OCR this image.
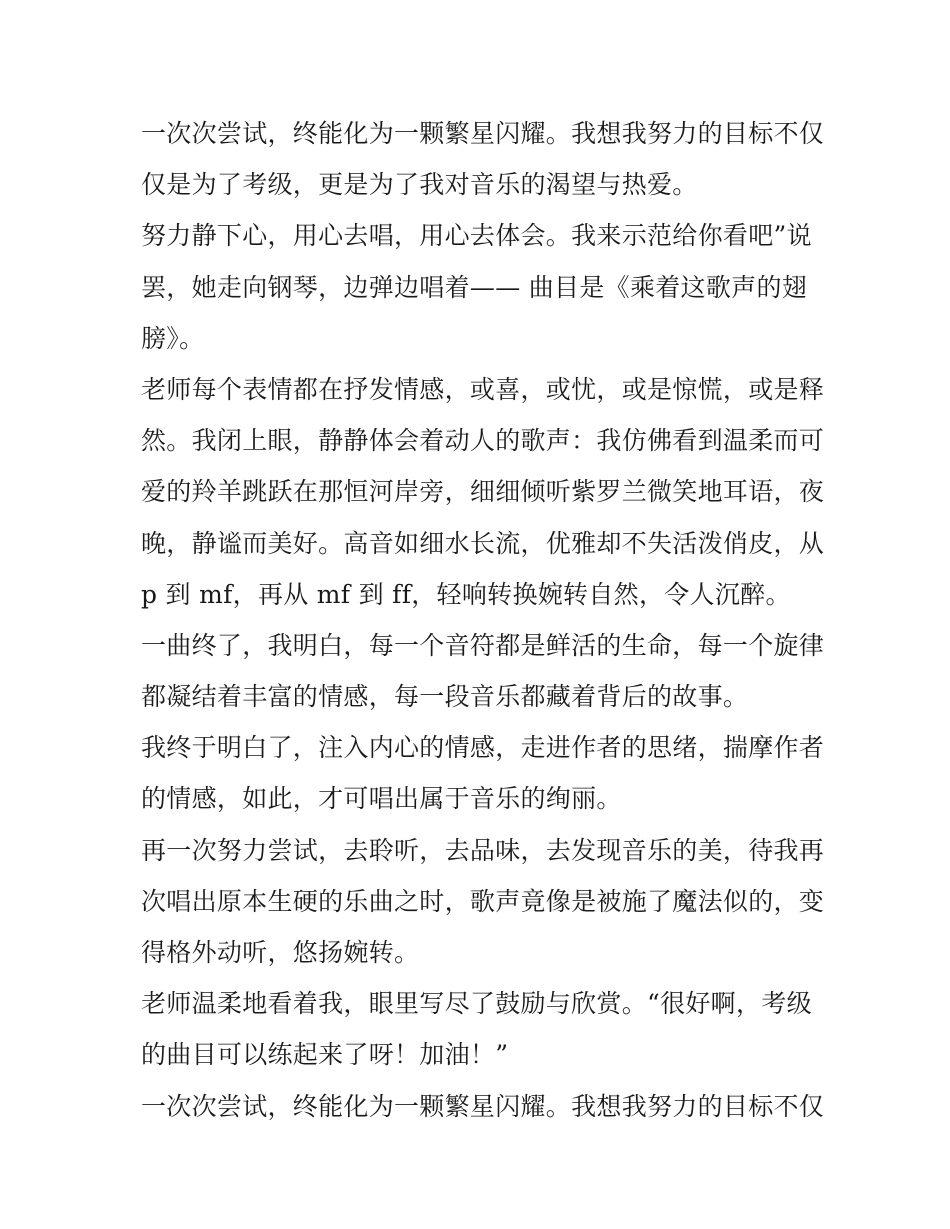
一次次尝试，终能化为一颗繁星闪耀。我想我努力的目标不仅
仅是为了考级，更是为了我对音乐的渴望与热爱。
努力静下心，用心去唱，用心去体会。我来示范给你看吧”说
罢，她走向钢琴，边弹边唱着—— 曲目是《乘着这歌声的翅
膀》。
老师每个表情都在抒发情感，或喜，或忧，或是惊慌，或是释
然。我闭上眼，静静体会着动人的歌声：我仿佛看到温柔而可
爱的羚羊跳跃在那恒河岸旁，细细倾听紫罗兰微笑地耳语，夜
晚，静谧而美好。高音如细水长流，优雅却不失活泼俏皮，从
p 到 mf，再从 mf 到 ff，轻响转换婉转自然，令人沉醉。
一曲终了，我明白，每一个音符都是鲜活的生命，每一个旋律
都凝结着丰富的情感，每一段音乐都藏着背后的故事。
我终于明白了，注入内心的情感，走进作者的思绪，揣摩作者
的情感，如此，才可唱出属于音乐的绚丽。
再一次努力尝试，去聆听，去品味，去发现音乐的美，待我再
次唱出原本生硬的乐曲之时，歌声竟像是被施了魔法似的，变
得格外动听，悠扬婉转。
老师温柔地看着我，眼里写尽了鼓励与欣赏。“很好啊，考级
的曲目可以练起来了呀！加油！”
一次次尝试，终能化为一颗繁星闪耀。我想我努力的目标不仅
